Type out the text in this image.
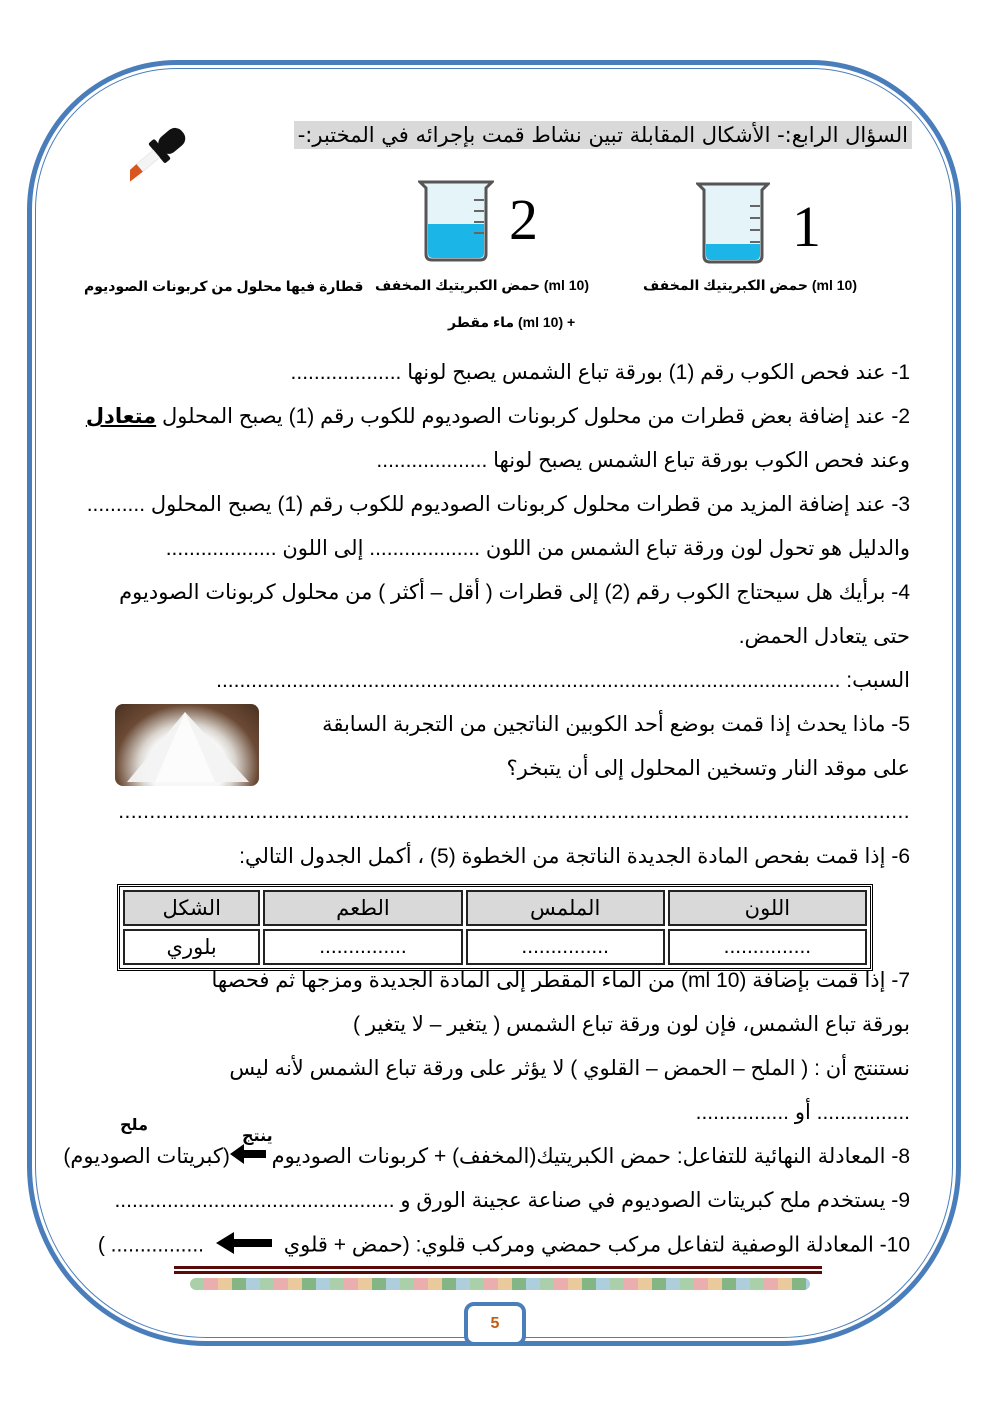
السؤال الرابع:- الأشكال المقابلة تبين نشاط قمت بإجرائه في المختبر:-
قطارة فيها محلول من كربونات الصوديوم
2
(10 ml) حمض الكبريتيك المخفف
+ (10 ml) ماء مقطر
1
(10 ml) حمض الكبريتيك المخفف
1- عند فحص الكوب رقم (1) بورقة تباع الشمس يصبح لونها ...................
2- عند إضافة بعض قطرات من محلول كربونات الصوديوم للكوب رقم (1) يصبح المحلول متعادل
وعند فحص الكوب بورقة تباع الشمس يصبح لونها ...................
3- عند إضافة المزيد من قطرات محلول كربونات الصوديوم للكوب رقم (1) يصبح المحلول ..........
والدليل هو تحول لون ورقة تباع الشمس من اللون ................... إلى اللون ...................
4- برأيك هل سيحتاج الكوب رقم (2) إلى قطرات ( أقل – أكثر ) من محلول كربونات الصوديوم
حتى يتعادل الحمض.
السبب: ...........................................................................................................
5- ماذا يحدث إذا قمت بوضع أحد الكوبين الناتجين من التجربة السابقة
على موقد النار وتسخين المحلول إلى أن يتبخر؟
...............................................................................................................................
6- إذا قمت بفحص المادة الجديدة الناتجة من الخطوة (5) ، أكمل الجدول التالي:
اللون	الملمس	الطعم	الشكل
...............	...............	...............	بلوري
7- إذا قمت بإضافة (10 ml) من الماء المقطر إلى المادة الجديدة ومزجها ثم فحصها
بورقة تباع الشمس، فإن لون ورقة تباع الشمس ( يتغير – لا يتغير )
نستنتج أن : ( الملح – الحمض – القلوي ) لا يؤثر على ورقة تباع الشمس لأنه ليس
................ أو ................
ملح
ينتج
8- المعادلة النهائية للتفاعل: حمض الكبريتيك(المخفف) + كربونات الصوديوم (كبريتات الصوديوم)
9- يستخدم ملح كبريتات الصوديوم في صناعة عجينة الورق و ................................................
10- المعادلة الوصفية لتفاعل مركب حمضي ومركب قلوي: (حمض + قلوي  ................ )
5
